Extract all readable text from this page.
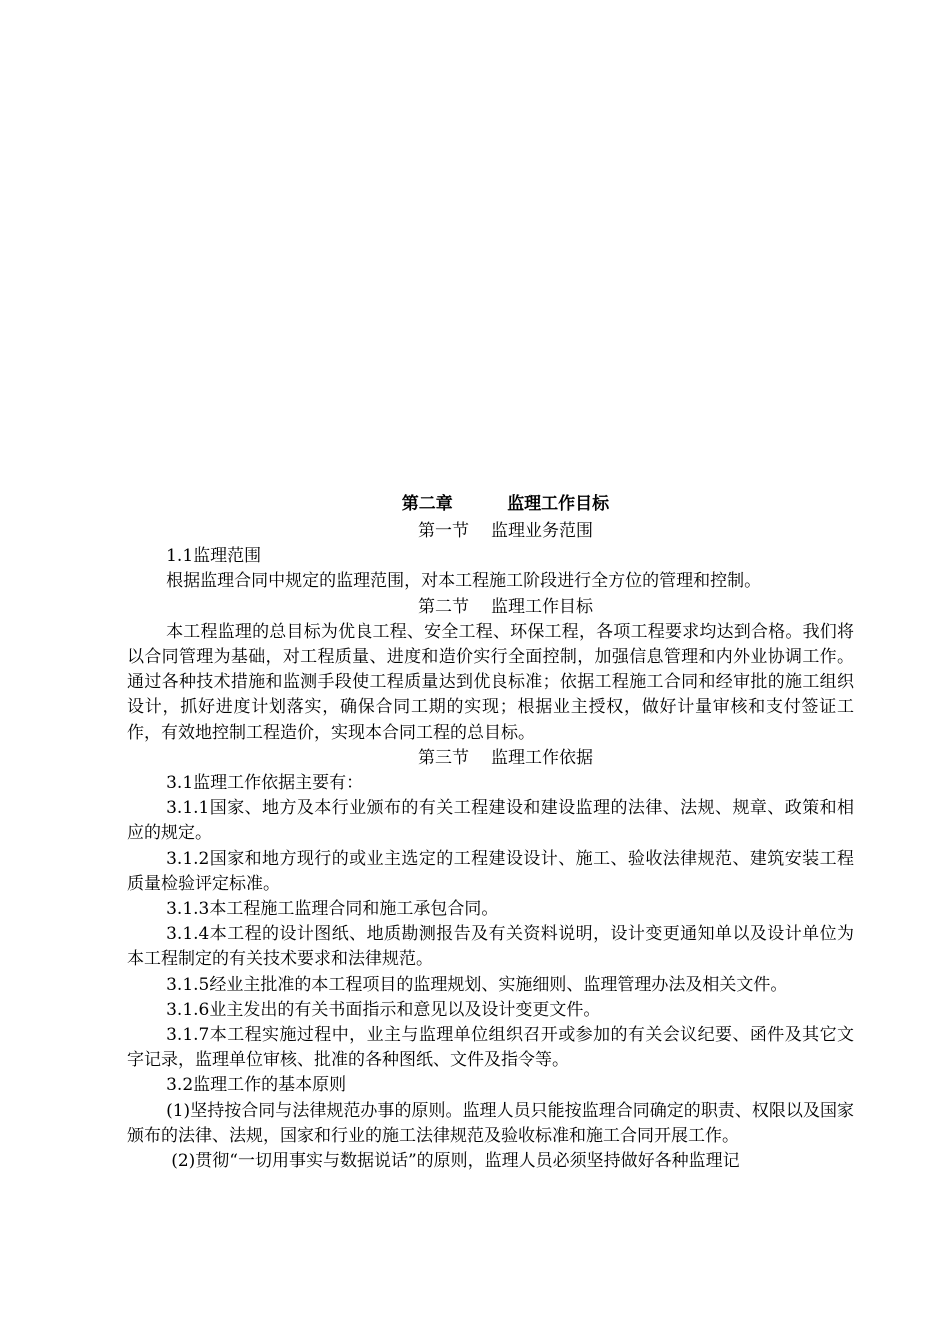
第二章	监理工作目标
第一节 监理业务范围

1.1监理范围

根据监理合同中规定的监理范围，对本工程施工阶段进行全方位的管理和控制。

第二节 监理工作目标

本工程监理的总目标为优良工程、安全工程、环保工程，各项工程要求均达到合格。我们将以合同管理为基础，对工程质量、进度和造价实行全面控制，加强信息管理和内外业协调工作。通过各种技术措施和监测手段使工程质量达到优良标准；依据工程施工合同和经审批的施工组织设计，抓好进度计划落实，确保合同工期的实现；根据业主授权，做好计量审核和支付签证工作，有效地控制工程造价，实现本合同工程的总目标。

第三节 监理工作依据

3.1监理工作依据主要有：

3.1.1国家、地方及本行业颁布的有关工程建设和建设监理的法律、法规、规章、政策和相应的规定。

3.1.2国家和地方现行的或业主选定的工程建设设计、施工、验收法律规范、建筑安装工程质量检验评定标准。

3.1.3本工程施工监理合同和施工承包合同。

3.1.4本工程的设计图纸、地质勘测报告及有关资料说明，设计变更通知单以及设计单位为本工程制定的有关技术要求和法律规范。

3.1.5经业主批准的本工程项目的监理规划、实施细则、监理管理办法及相关文件。

3.1.6业主发出的有关书面指示和意见以及设计变更文件。

3.1.7本工程实施过程中，业主与监理单位组织召开或参加的有关会议纪要、函件及其它文字记录，监理单位审核、批准的各种图纸、文件及指令等。

3.2监理工作的基本原则

(1)坚持按合同与法律规范办事的原则。监理人员只能按监理合同确定的职责、权限以及国家颁布的法律、法规，国家和行业的施工法律规范及验收标准和施工合同开展工作。

(2)贯彻“一切用事实与数据说话”的原则，监理人员必须坚持做好各种监理记
